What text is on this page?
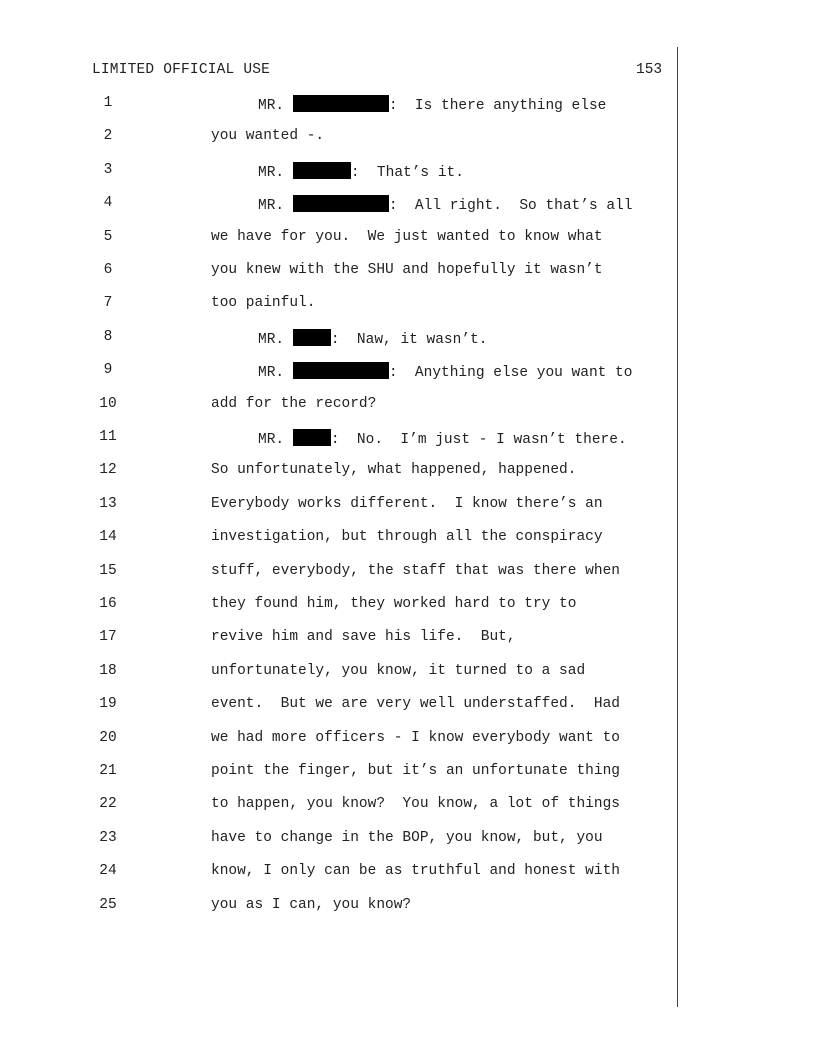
LIMITED OFFICIAL USE	153
1	MR.	:  Is there anything else
2	you wanted -.
3	MR.	:  That’s it.
4	MR.	:  All right.  So that’s all
5	we have for you.  We just wanted to know what
6	you knew with the SHU and hopefully it wasn’t
7	too painful.
8	MR.	:  Naw, it wasn’t.
9	MR.	:  Anything else you want to
10	add for the record?
11	MR.	:  No.  I’m just - I wasn’t there.
12	So unfortunately, what happened, happened.
13	Everybody works different.  I know there’s an
14	investigation, but through all the conspiracy
15	stuff, everybody, the staff that was there when
16	they found him, they worked hard to try to
17	revive him and save his life.  But,
18	unfortunately, you know, it turned to a sad
19	event.  But we are very well understaffed.  Had
20	we had more officers - I know everybody want to
21	point the finger, but it’s an unfortunate thing
22	to happen, you know?  You know, a lot of things
23	have to change in the BOP, you know, but, you
24	know, I only can be as truthful and honest with
25	you as I can, you know?
